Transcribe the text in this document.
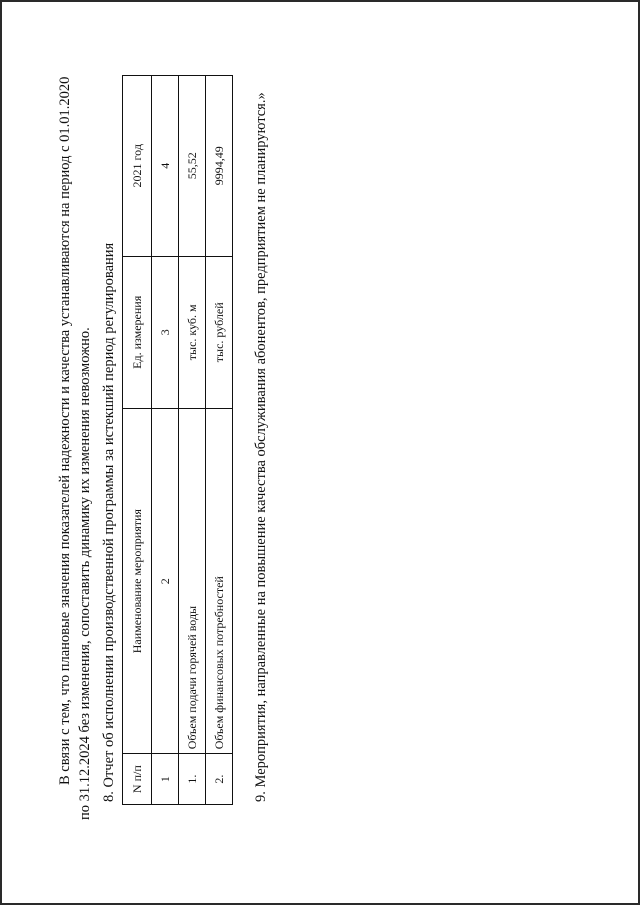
В связи с тем, что плановые значения показателей надежности и качества устанавливаются на период с 01.01.2020 по 31.12.2024 без изменения, сопоставить динамику их изменения невозможно. 8. Отчет об исполнении производственной программы за истекший период регулирования N п/п	Наименование мероприятия	Ед. измерения	2021 год
1	2	3	4
1.	Объем подачи горячей воды	тыс. куб. м	55,52
2.	Объем финансовых потребностей	тыс. рублей	9994,49 9. Мероприятия, направленные на повышение качества обслуживания абонентов, предприятием не планируются.»
